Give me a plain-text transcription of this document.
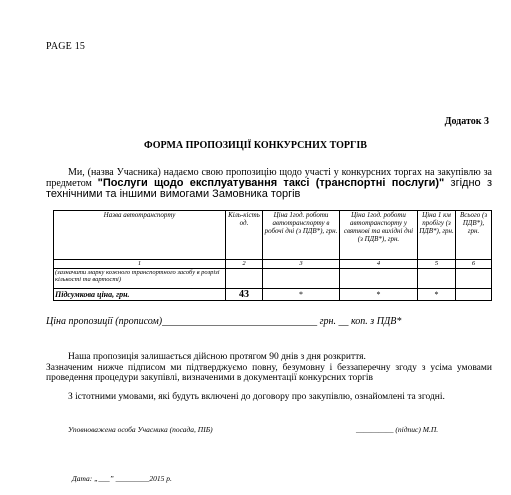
PAGE 15
Додаток 3
ФОРМА ПРОПОЗИЦІЇ КОНКУРСНИХ ТОРГІВ
Ми, (назва Учасника) надаємо свою пропозицію щодо участі у конкурсних торгах на закупівлю за предметом "Послуги щодо експлуатування таксі (транспортні послуги)" згідно з технічними та іншими вимогами Замовника торгів
Назва автотранспорту	Кіль-кість од.	Ціна 1год. роботи автотранспорту в робочі дні (з ПДВ*), грн.	Ціна 1год. роботи автотранспорту у святкові та вихідні дні (з ПДВ*), грн.	Ціна 1 км пробігу (з ПДВ*), грн.	Всього (з ПДВ*), грн.
1	2	3	4	5	6
(зазначити марку кожного транспортного засобу в розрізі кількості та вартості)					
Підсумкова ціна, грн.	43	*	*	*	
Ціна пропозиції (прописом)_______________________________ грн. __ коп. з ПДВ*
Наша пропозиція залишається дійсною протягом 90 днів з дня розкриття.
Зазначеним нижче підписом ми підтверджуємо повну, безумовну і беззаперечну згоду з усіма умовами проведення процедури закупівлі, визначеними в документації конкурсних торгів
З істотними умовами, які будуть включені до договору про закупівлю, ознайомлені та згодні.
Уповноважена особа Учасника (посада, ПІБ)	__________ (підпис) М.П.
Дата: „___” _________2015 р.
